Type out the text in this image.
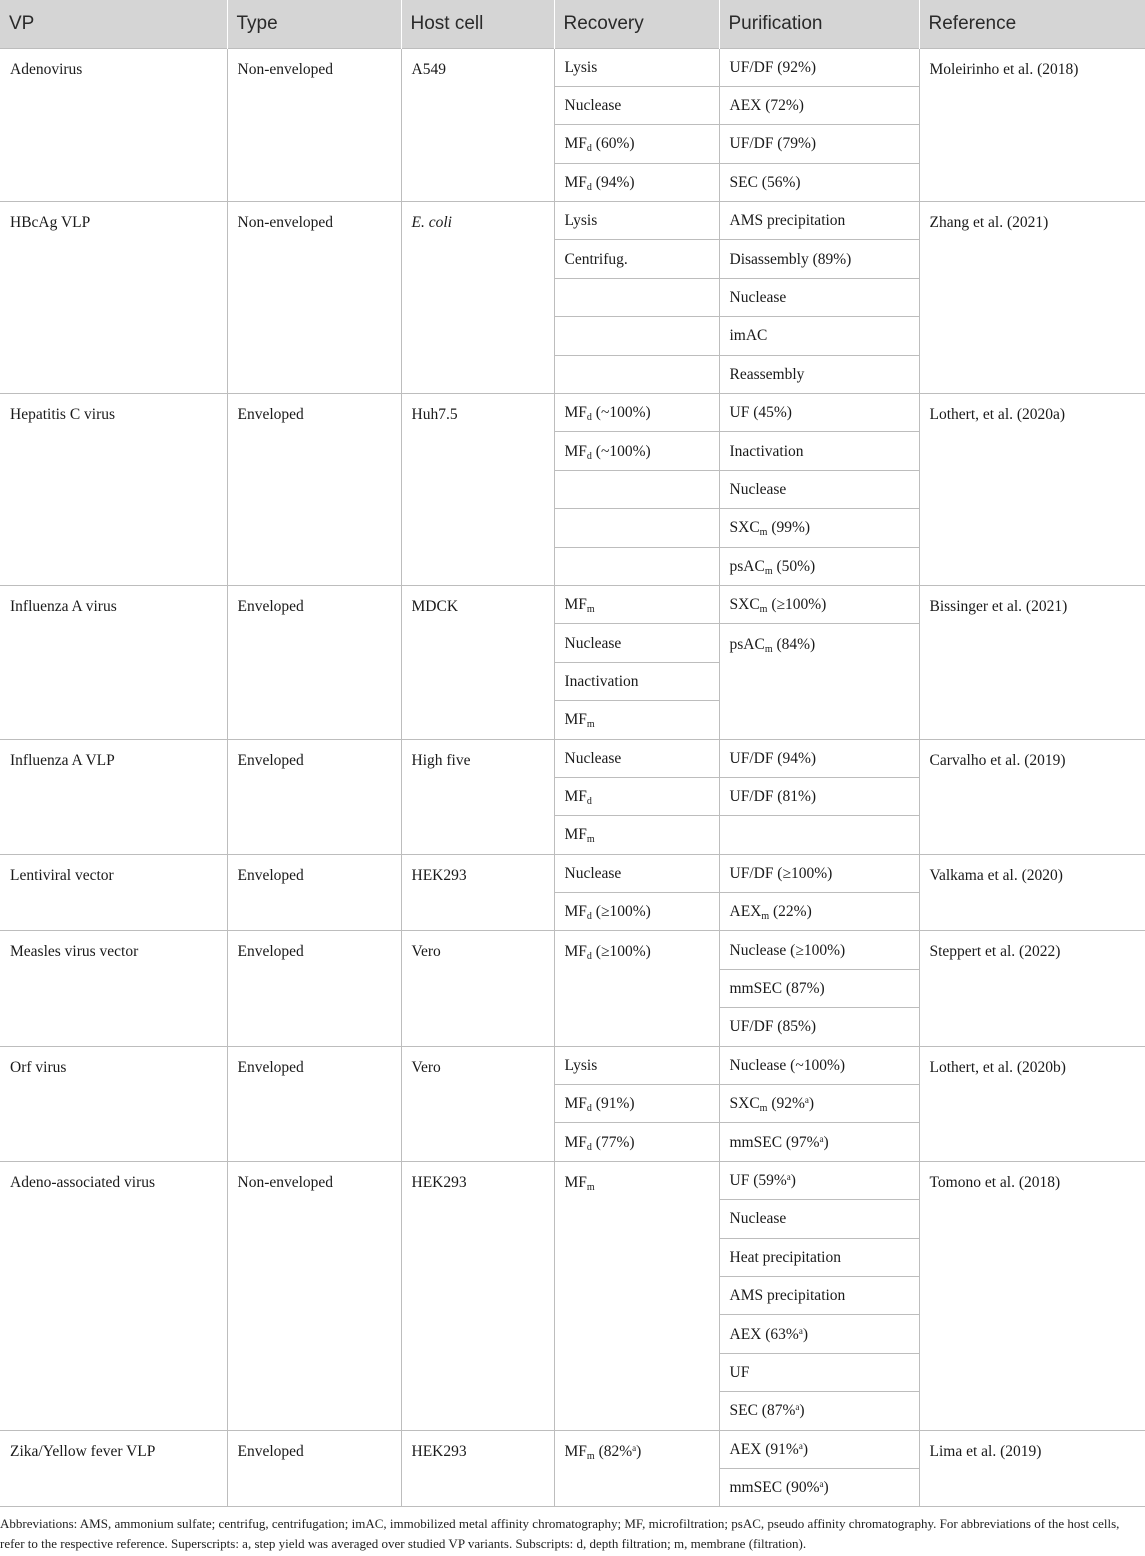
VP	Type	Host cell	Recovery	Purification	Reference
Adenovirus	Non-enveloped	A549	Lysis	UF/DF (92%)	Moleirinho et al. (2018)
			Nuclease	AEX (72%)	
			$MF_d$ (60%)	UF/DF (79%)	
			$MF_d$ (94%)	SEC (56%)	
HBcAg VLP	Non-enveloped	E. coli	Lysis	AMS precipitation	Zhang et al. (2021)
			Centrifug.	Disassembly (89%)	
				Nuclease	
				imAC	
				Reassembly	
Hepatitis C virus	Enveloped	Huh7.5	$MF_d$ (~100%)	UF (45%)	Lothert, et al. (2020a)
			$MF_d$ (~100%)	Inactivation	
				Nuclease	
				$SXC_m$ (99%)	
				psAC$_m$ (50%)	
Influenza A virus	Enveloped	MDCK	$MF_m$	$SXC_m$ (≥100%)	Bissinger et al. (2021)
			Nuclease	psAC$_m$ (84%)	
			Inactivation		
			$MF_m$
Influenza A VLP	Enveloped	High five	Nuclease	UF/DF (94%)	Carvalho et al. (2019)
			$MF_d$	UF/DF (81%)	
			$MF_m$	
Lentiviral vector	Enveloped	HEK293	Nuclease	UF/DF (≥100%)	Valkama et al. (2020)
			$MF_d$ (≥100%)	$AEX_m$ (22%)	
Measles virus vector	Enveloped	Vero	$MF_d$ (≥100%)	Nuclease (≥100%)	Steppert et al. (2022)
				mmSEC (87%)	
				UF/DF (85%)	
Orf virus	Enveloped	Vero	Lysis	Nuclease (~100%)	Lothert, et al. (2020b)
			$MF_d$ (91%)	$SXC_m$ (92%$^a$)	
			$MF_d$ (77%)	mmSEC (97%$^a$)	
Adeno-associated virus	Non-enveloped	HEK293	$MF_m$	UF (59%$^a$)	Tomono et al. (2018)
				Nuclease	
				Heat precipitation	
				AMS precipitation	
				AEX (63%$^a$)	
				UF	
				SEC (87%$^a$)	
Zika/Yellow fever VLP	Enveloped	HEK293	$MF_m$ (82%$^a$)	AEX (91%$^a$)	Lima et al. (2019)
				mmSEC (90%$^a$)	
Abbreviations: AMS, ammonium sulfate; centrifug, centrifugation; imAC, immobilized metal affinity chromatography; MF, microfiltration; psAC, pseudo affinity chromatography. For abbreviations of the host cells, refer to the respective reference. Superscripts: a, step yield was averaged over studied VP variants. Subscripts: d, depth filtration; m, membrane (filtration).
